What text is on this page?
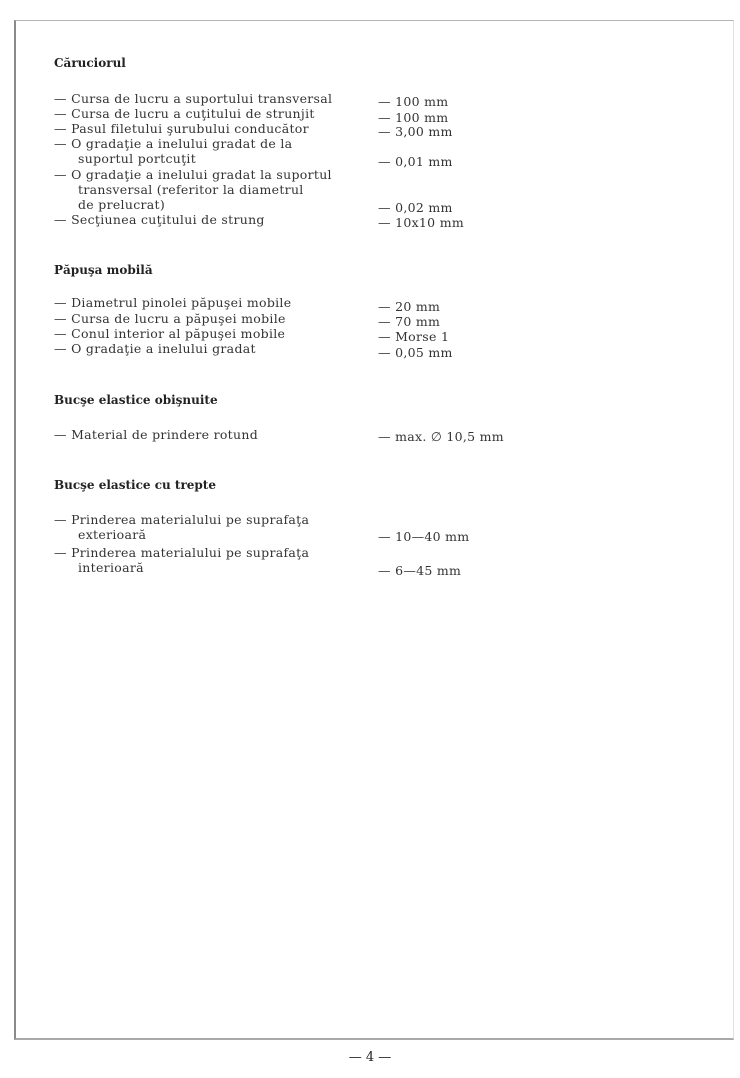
Căruciorul
— Cursa de lucru a suportului transversal	— 100 mm
— Cursa de lucru a cuţitului de strunjit	— 100 mm
— Pasul filetului şurubului conducător	— 3,00 mm
— O gradaţie a inelului gradat de la
suportul portcuţit	— 0,01 mm
— O gradaţie a inelului gradat la suportul
transversal (referitor la diametrul
de prelucrat)	— 0,02 mm
— Secţiunea cuţitului de strung	— 10x10 mm
Păpuşa mobilă
— Diametrul pinolei păpuşei mobile	— 20 mm
— Cursa de lucru a păpuşei mobile	— 70 mm
— Conul interior al păpuşei mobile	— Morse 1
— O gradaţie a inelului gradat	— 0,05 mm
Bucşe elastice obişnuite
— Material de prindere rotund	— max. ∅ 10,5 mm
Bucşe elastice cu trepte
— Prinderea materialului pe suprafaţa
exterioară	— 10—40 mm
— Prinderea materialului pe suprafaţa
interioară	— 6—45 mm
— 4 —
